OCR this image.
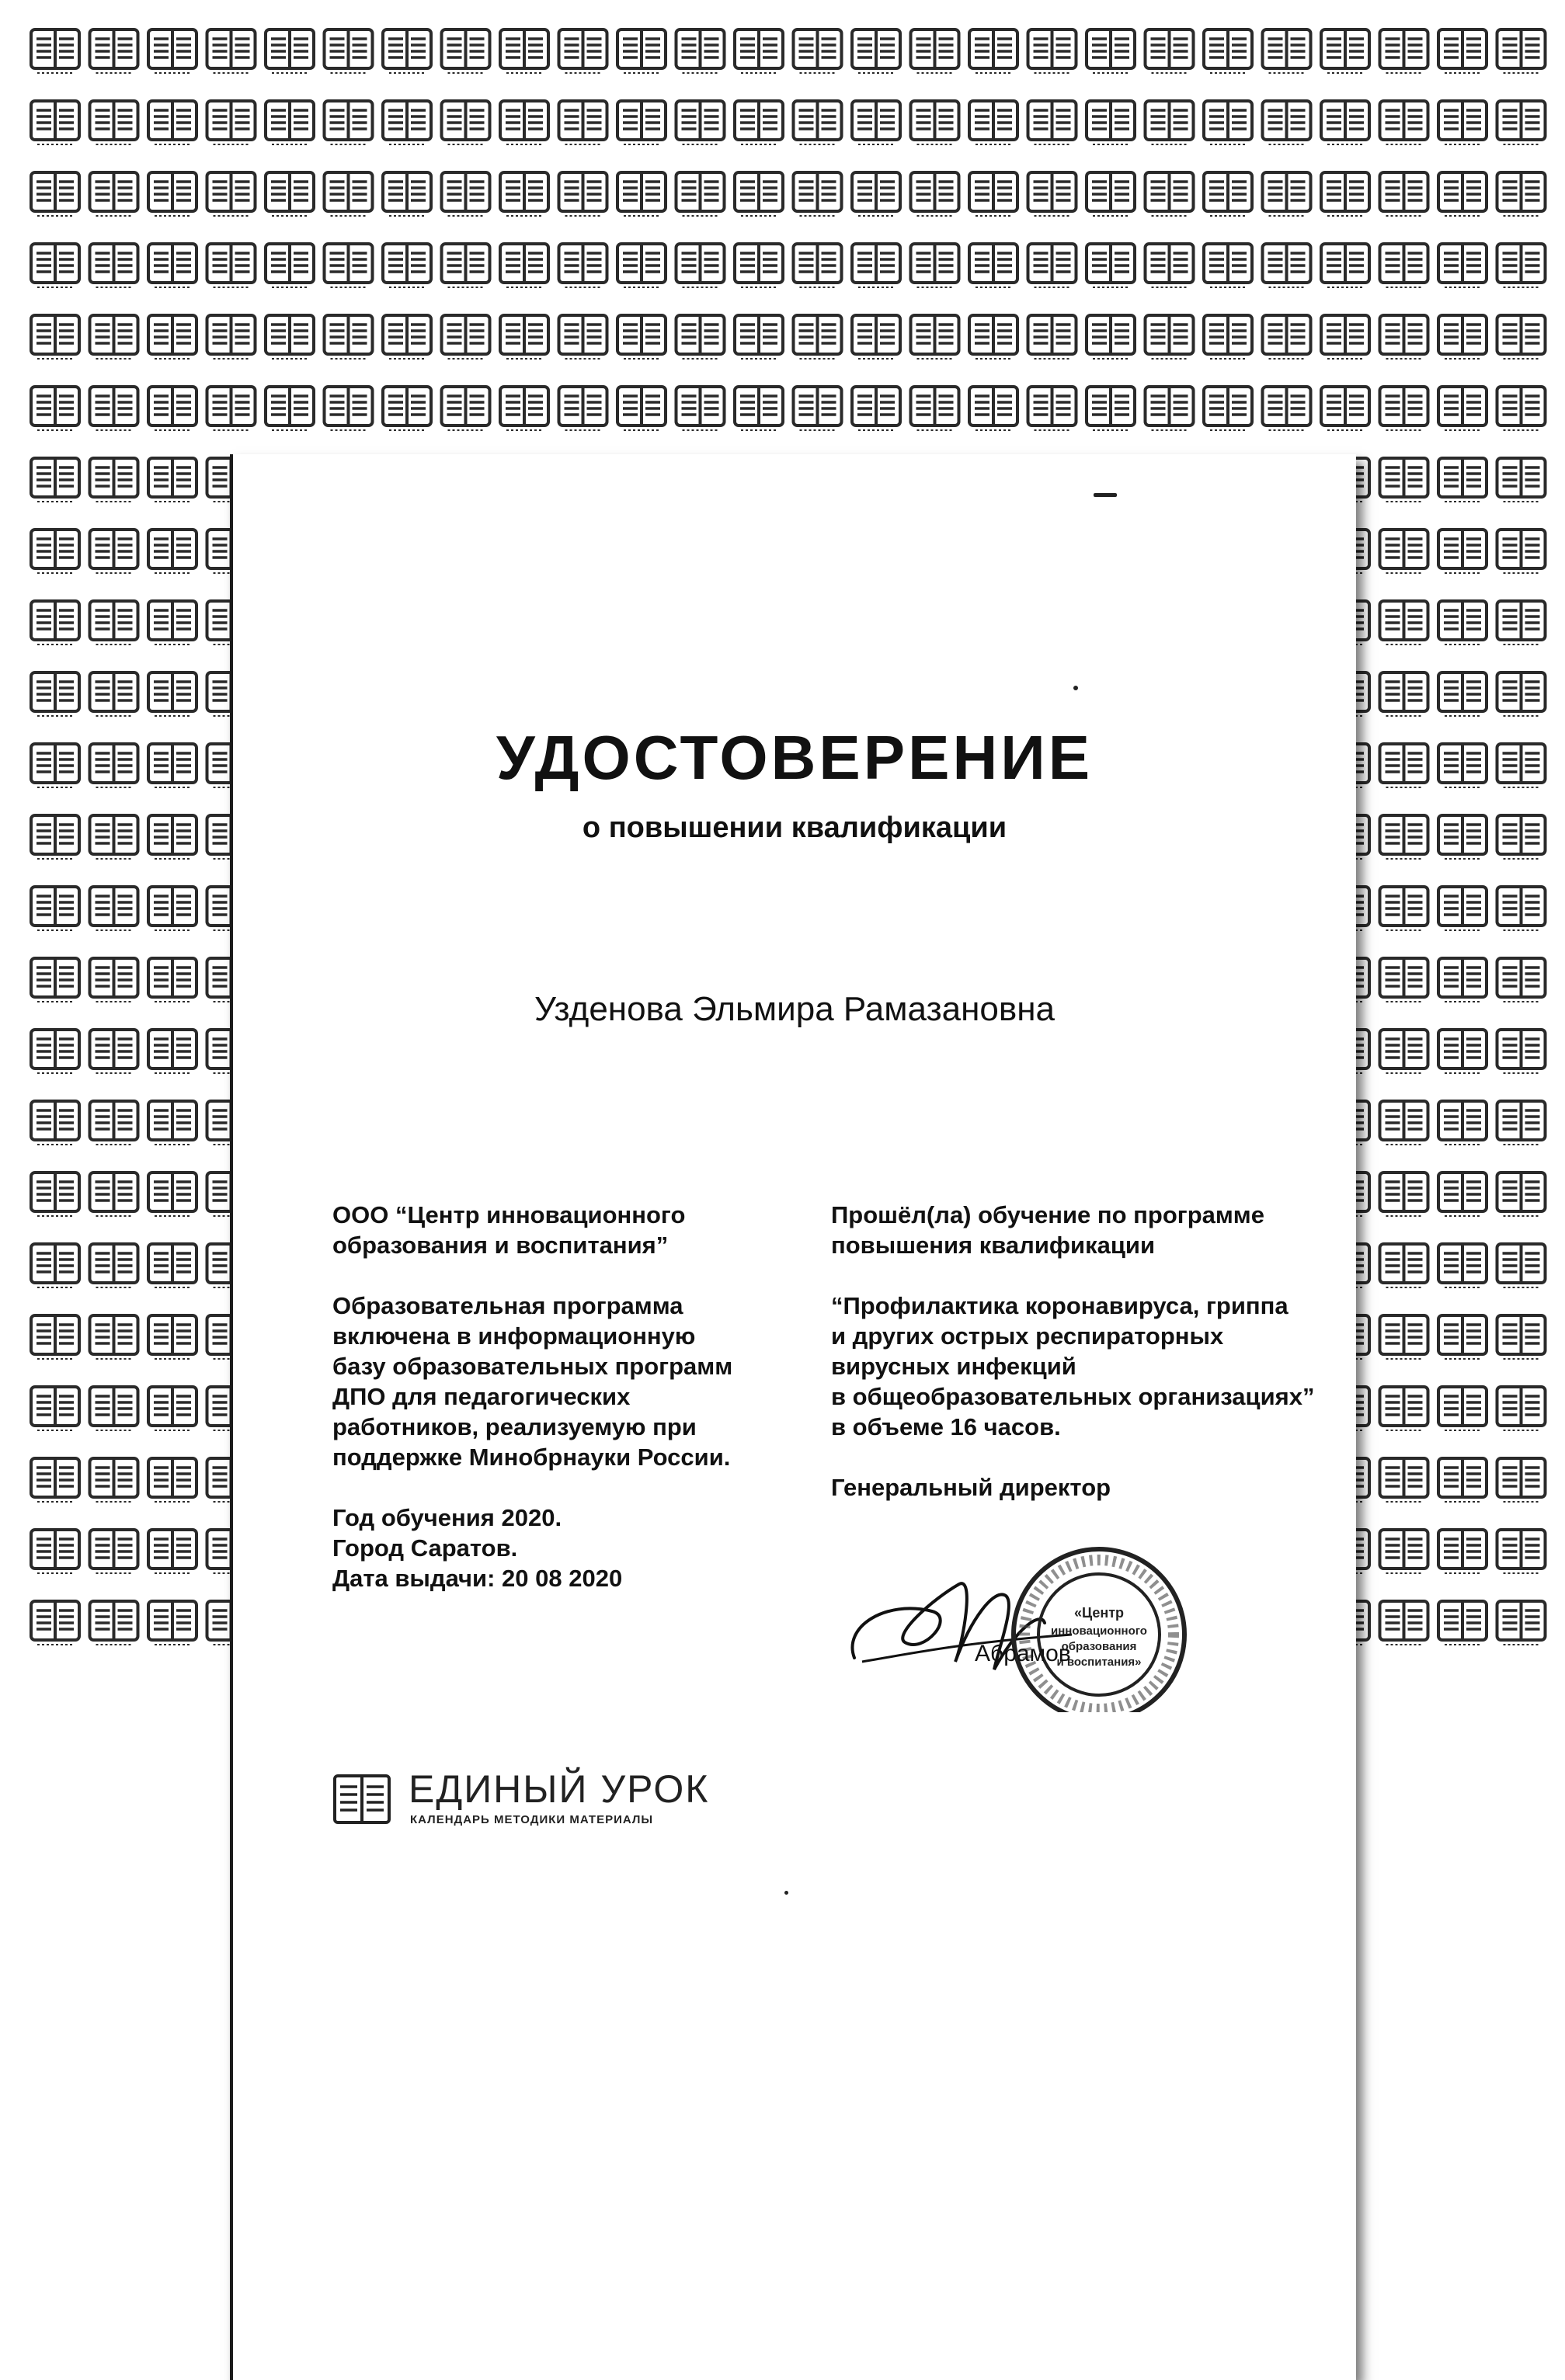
УДОСТОВЕРЕНИЕ
о повышении квалификации
Узденова Эльмира Рамазановна

ООО “Центр инновационного
образования и воспитания”

Образовательная программа
включена в информационную
базу образовательных программ
ДПО для педагогических
работников, реализуемую при
поддержке Минобрнауки России.

Год обучения 2020.
Город Саратов.
Дата выдачи: 20 08 2020

Прошёл(ла) обучение по программе
повышения квалификации

“Профилактика коронавируса, гриппа
и других острых респираторных
вирусных инфекций
в общеобразовательных организациях”
в объеме 16 часов.

Генеральный директор

«Центр
инновационного
образования
и воспитания»
Абрамов
ЕДИНЫЙ УРОК
КАЛЕНДАРЬ МЕТОДИКИ МАТЕРИАЛЫ
